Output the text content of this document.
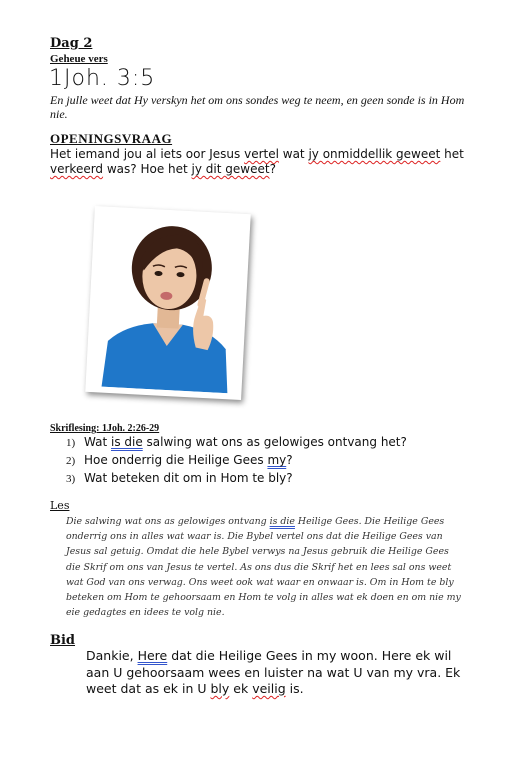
Dag 2
Geheue vers
1Joh. 3:5
En julle weet dat Hy verskyn het om ons sondes weg te neem, en geen sonde is in Hom nie.
OPENINGSVRAAG
Het iemand jou al iets oor Jesus vertel wat jy onmiddellik geweet het verkeerd was? Hoe het jy dit geweet?
Skriflesing: 1Joh. 2:26-29
1) Wat is die salwing wat ons as gelowiges ontvang het?
2) Hoe onderrig die Heilige Gees my?
3) Wat beteken dit om in Hom te bly?
Les
Die salwing wat ons as gelowiges ontvang is die Heilige Gees. Die Heilige Gees onderrig ons in alles wat waar is. Die Bybel vertel ons dat die Heilige Gees van Jesus sal getuig. Omdat die hele Bybel verwys na Jesus gebruik die Heilige Gees die Skrif om ons van Jesus te vertel. As ons dus die Skrif het en lees sal ons weet wat God van ons verwag. Ons weet ook wat waar en onwaar is. Om in Hom te bly beteken om Hom te gehoorsaam en Hom te volg in alles wat ek doen en om nie my eie gedagtes en idees te volg nie.
Bid
Dankie, Here dat die Heilige Gees in my woon. Here ek wil aan U gehoorsaam wees en luister na wat U van my vra. Ek weet dat as ek in U bly ek veilig is.
